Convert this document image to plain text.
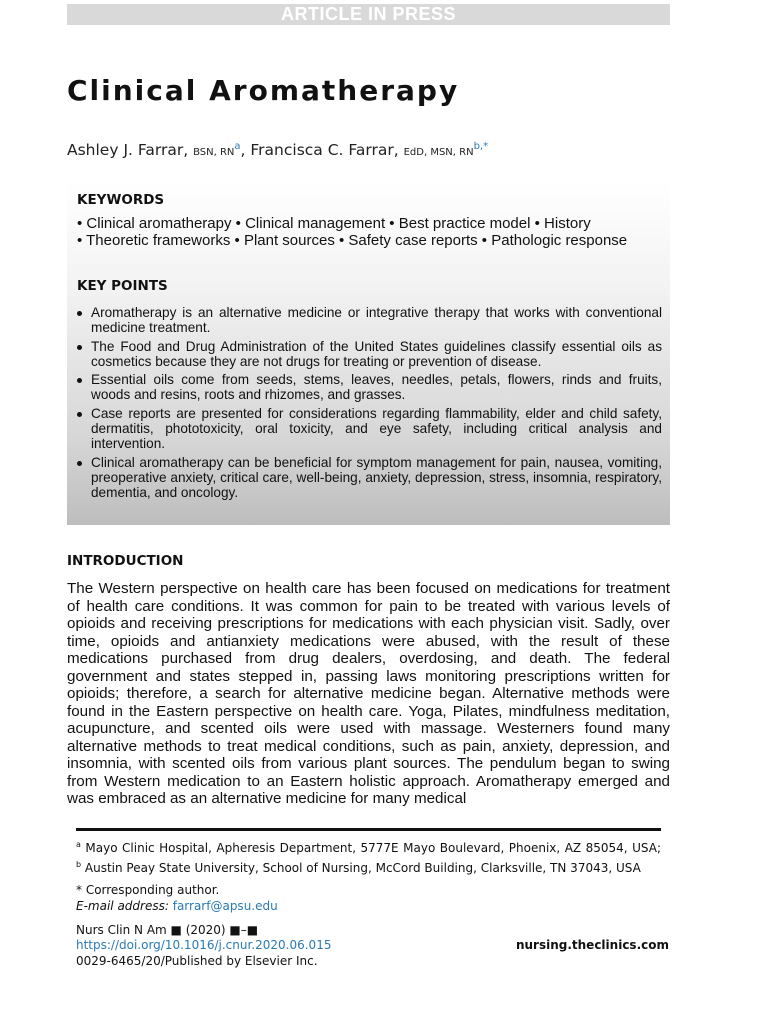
ARTICLE IN PRESS
Clinical Aromatherapy
Ashley J. Farrar, BSN, $RN^a$, Francisca C. Farrar, EdD, MSN, $RN^{b,*}$
KEYWORDS
• Clinical aromatherapy • Clinical management • Best practice model • History
• Theoretic frameworks • Plant sources • Safety case reports • Pathologic response
KEY POINTS
Aromatherapy is an alternative medicine or integrative therapy that works with conventional medicine treatment.
The Food and Drug Administration of the United States guidelines classify essential oils as cosmetics because they are not drugs for treating or prevention of disease.
Essential oils come from seeds, stems, leaves, needles, petals, flowers, rinds and fruits, woods and resins, roots and rhizomes, and grasses.
Case reports are presented for considerations regarding flammability, elder and child safety, dermatitis, phototoxicity, oral toxicity, and eye safety, including critical analysis and intervention.
Clinical aromatherapy can be beneficial for symptom management for pain, nausea, vomiting, preoperative anxiety, critical care, well-being, anxiety, depression, stress, insomnia, respiratory, dementia, and oncology.
INTRODUCTION

The Western perspective on health care has been focused on medications for treatment of health care conditions. It was common for pain to be treated with various levels of opioids and receiving prescriptions for medications with each physician visit. Sadly, over time, opioids and antianxiety medications were abused, with the result of these medications purchased from drug dealers, overdosing, and death. The federal government and states stepped in, passing laws monitoring prescriptions written for opioids; therefore, a search for alternative medicine began. Alternative methods were found in the Eastern perspective on health care. Yoga, Pilates, mindfulness meditation, acupuncture, and scented oils were used with massage. Westerners found many alternative methods to treat medical conditions, such as pain, anxiety, depression, and insomnia, with scented oils from various plant sources. The pendulum began to swing from Western medication to an Eastern holistic approach. Aromatherapy emerged and was embraced as an alternative medicine for many medical

$^a$ Mayo Clinic Hospital, Apheresis Department, 5777E Mayo Boulevard, Phoenix, AZ 85054, USA; $^b$ Austin Peay State University, School of Nursing, McCord Building, Clarksville, TN 37043, USA

* Corresponding author.
E-mail address: farrarf@apsu.edu
Nurs Clin N Am ■ (2020) ■–■
https://doi.org/10.1016/j.cnur.2020.06.015
0029-6465/20/Published by Elsevier Inc.
nursing.theclinics.com
